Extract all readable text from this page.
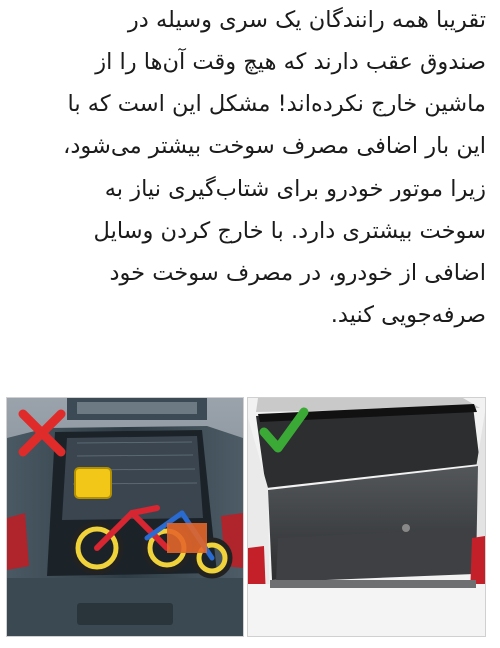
تقریبا همه رانندگان یک سری وسیله در

صندوق عقب دارند که هیچ وقت آن‌ها را از

ماشین خارج نکرده‌اند! مشکل این است که با

این بار اضافی مصرف سوخت بیشتر می‌شود،

زیرا موتور خودرو برای شتاب‌گیری نیاز به

سوخت بیشتری دارد. با خارج کردن وسایل

اضافی از خودرو، در مصرف سوخت خود

صرفه‌جویی کنید.
